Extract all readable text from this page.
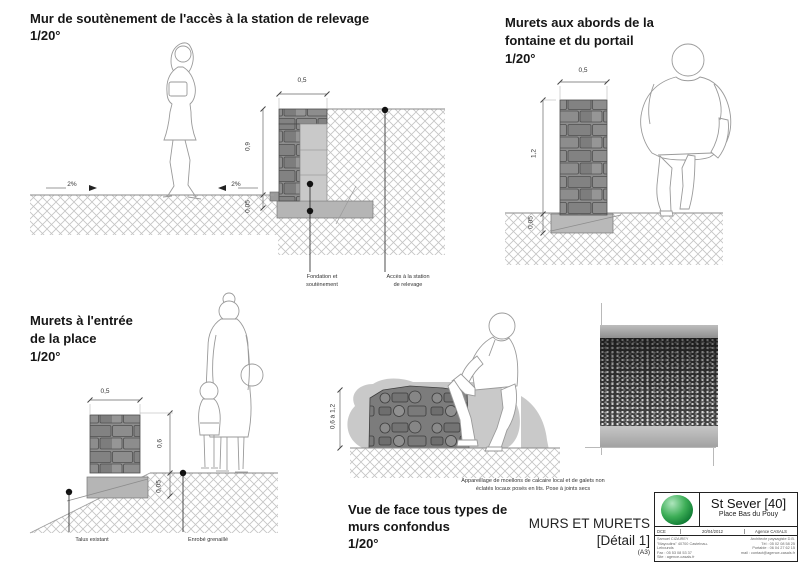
Mur de soutènement de l'accès à la station de relevage
1/20°
0,5
0,9
0,05
2%	2%
Fondation et
soutènement
Accès à la station
de relevage
Murets aux abords de la
fontaine et du portail
1/20°
0,5
1,2
0,05
Murets à l'entrée
de la place
1/20°
0,5
0,6
0,05
Talus existant	Enrobé grenaillé
0,6 à 1,2
Appareillage de moellons de calcaire local et de galets non
éclatés locaux posés en lits. Pose à joints secs
Vue de face tous types de
murs confondus
1/20°
MURS ET MURETS
[Détail 1]
(A3)
St Sever [40]
Place Bas du Pouy
DCE	20/04/2012	Agence CASALS
Samuel CIZAIREY
"Mayoulins" 40700 Castelnau-Lebounds
Fax : 05 53 08 53 37
Site : agence-casals.fr
Architecte paysagiste D.B.
Tél : 05 02 08 58 25
Portable : 06 04 27 62 15
mail : contact@agence-casals.fr
